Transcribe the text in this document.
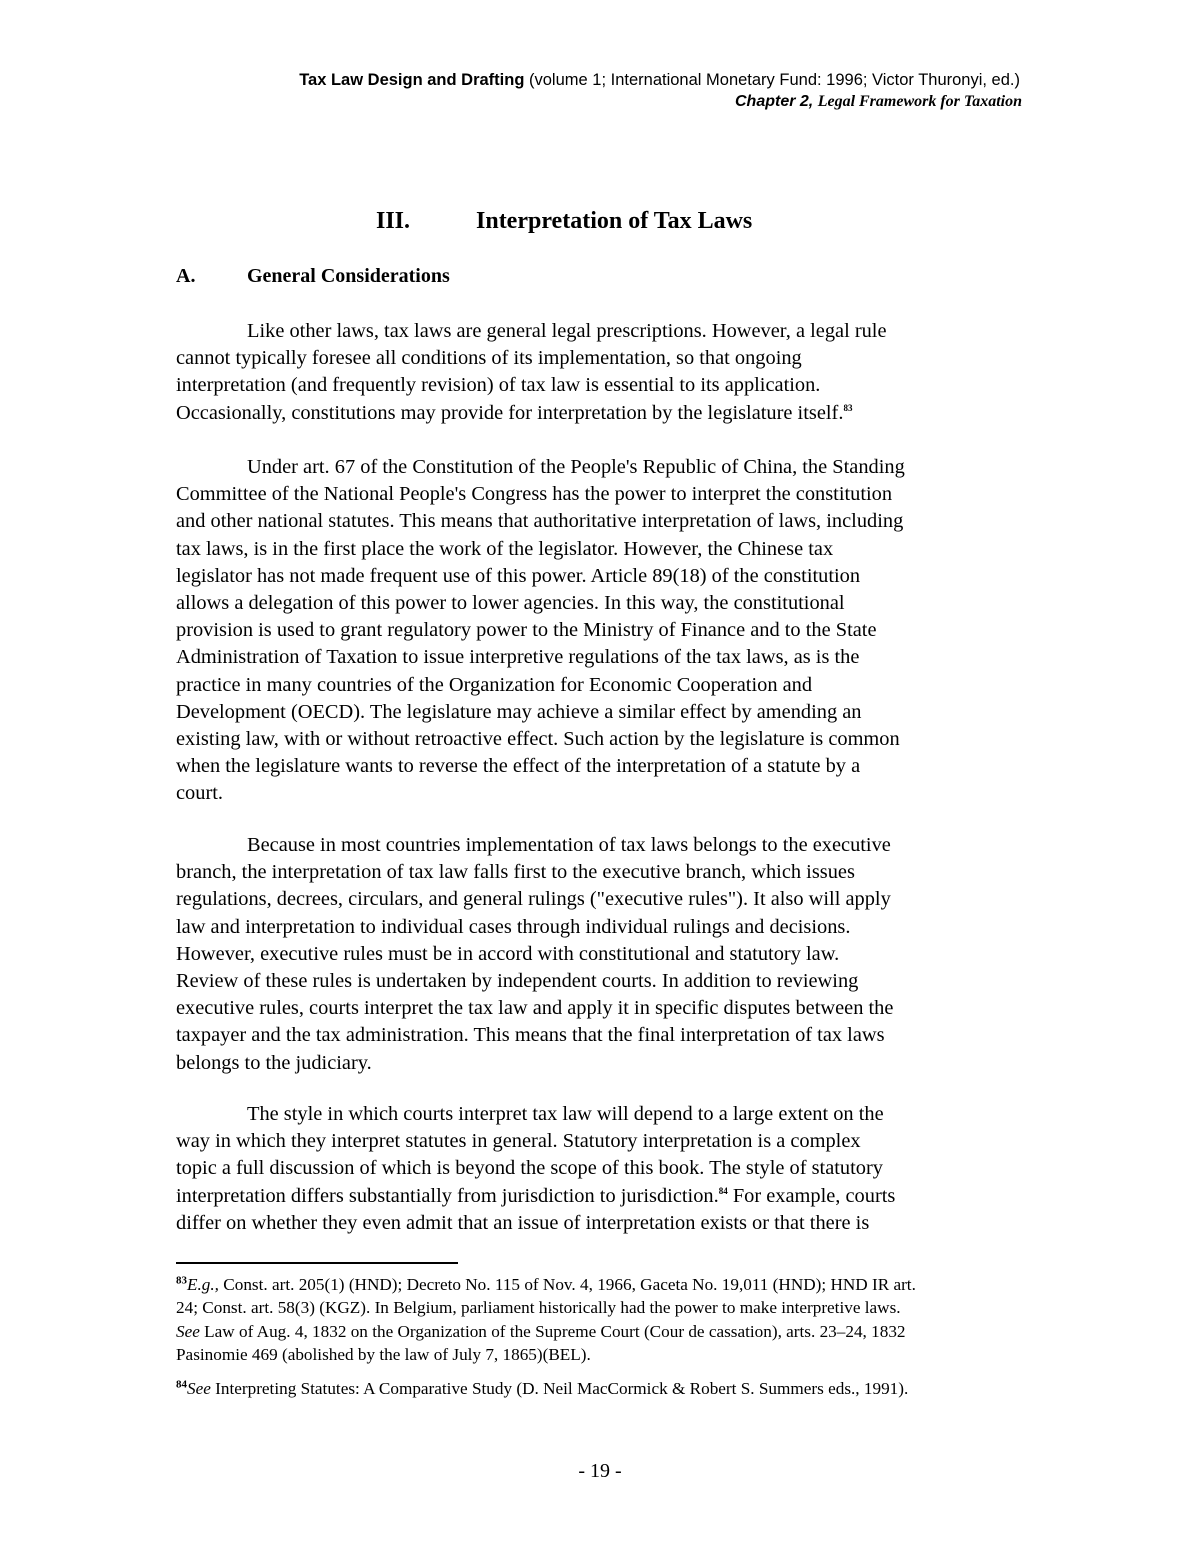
Tax Law Design and Drafting (volume 1; International Monetary Fund: 1996; Victor Thuronyi, ed.)
Chapter 2, Legal Framework for Taxation
III.	Interpretation of Tax Laws
A.	General Considerations
Like other laws, tax laws are general legal prescriptions. However, a legal rule
cannot typically foresee all conditions of its implementation, so that ongoing
interpretation (and frequently revision) of tax law is essential to its application.
Occasionally, constitutions may provide for interpretation by the legislature itself.$^{83}$
Under art. 67 of the Constitution of the People's Republic of China, the Standing
Committee of the National People's Congress has the power to interpret the constitution
and other national statutes. This means that authoritative interpretation of laws, including
tax laws, is in the first place the work of the legislator. However, the Chinese tax
legislator has not made frequent use of this power. Article 89(18) of the constitution
allows a delegation of this power to lower agencies. In this way, the constitutional
provision is used to grant regulatory power to the Ministry of Finance and to the State
Administration of Taxation to issue interpretive regulations of the tax laws, as is the
practice in many countries of the Organization for Economic Cooperation and
Development (OECD). The legislature may achieve a similar effect by amending an
existing law, with or without retroactive effect. Such action by the legislature is common
when the legislature wants to reverse the effect of the interpretation of a statute by a
court.
Because in most countries implementation of tax laws belongs to the executive
branch, the interpretation of tax law falls first to the executive branch, which issues
regulations, decrees, circulars, and general rulings ("executive rules"). It also will apply
law and interpretation to individual cases through individual rulings and decisions.
However, executive rules must be in accord with constitutional and statutory law.
Review of these rules is undertaken by independent courts. In addition to reviewing
executive rules, courts interpret the tax law and apply it in specific disputes between the
taxpayer and the tax administration. This means that the final interpretation of tax laws
belongs to the judiciary.
The style in which courts interpret tax law will depend to a large extent on the
way in which they interpret statutes in general. Statutory interpretation is a complex
topic a full discussion of which is beyond the scope of this book. The style of statutory
interpretation differs substantially from jurisdiction to jurisdiction.$^{84}$ For example, courts
differ on whether they even admit that an issue of interpretation exists or that there is
$^{83}$E.g., Const. art. 205(1) (HND); Decreto No. 115 of Nov. 4, 1966, Gaceta No. 19,011 (HND); HND IR art.
24; Const. art. 58(3) (KGZ). In Belgium, parliament historically had the power to make interpretive laws.
See Law of Aug. 4, 1832 on the Organization of the Supreme Court (Cour de cassation), arts. 23–24, 1832
Pasinomie 469 (abolished by the law of July 7, 1865)(BEL).
$^{84}$See Interpreting Statutes: A Comparative Study (D. Neil MacCormick & Robert S. Summers eds., 1991).
- 19 -
